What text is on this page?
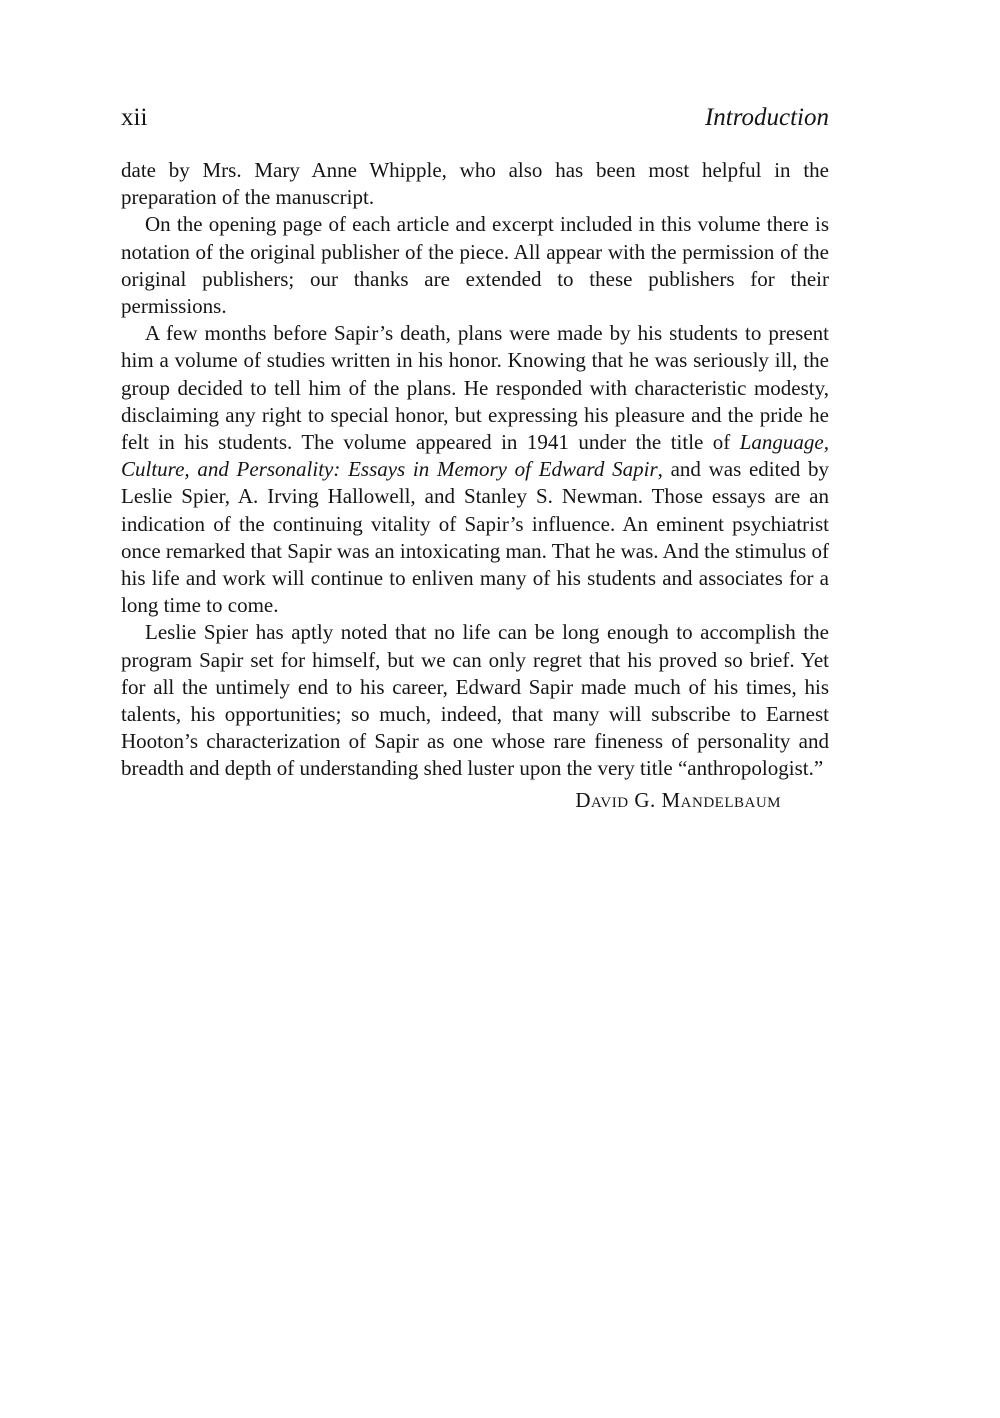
xii	Introduction

date by Mrs. Mary Anne Whipple, who also has been most helpful in the preparation of the manuscript.

On the opening page of each article and excerpt included in this volume there is notation of the original publisher of the piece. All appear with the permission of the original publishers; our thanks are extended to these publishers for their permissions.

A few months before Sapir’s death, plans were made by his students to present him a volume of studies written in his honor. Knowing that he was seriously ill, the group decided to tell him of the plans. He responded with characteristic modesty, disclaiming any right to special honor, but expressing his pleasure and the pride he felt in his students. The volume appeared in 1941 under the title of Language, Culture, and Personality: Essays in Memory of Edward Sapir, and was edited by Leslie Spier, A. Irving Hallowell, and Stanley S. Newman. Those essays are an indication of the continuing vitality of Sapir’s influence. An eminent psychiatrist once remarked that Sapir was an intoxicating man. That he was. And the stimulus of his life and work will continue to enliven many of his students and associates for a long time to come.

Leslie Spier has aptly noted that no life can be long enough to accomplish the program Sapir set for himself, but we can only regret that his proved so brief. Yet for all the untimely end to his career, Edward Sapir made much of his times, his talents, his opportunities; so much, indeed, that many will subscribe to Earnest Hooton’s characterization of Sapir as one whose rare fineness of personality and breadth and depth of understanding shed luster upon the very title “anthropologist.”

David G. Mandelbaum
